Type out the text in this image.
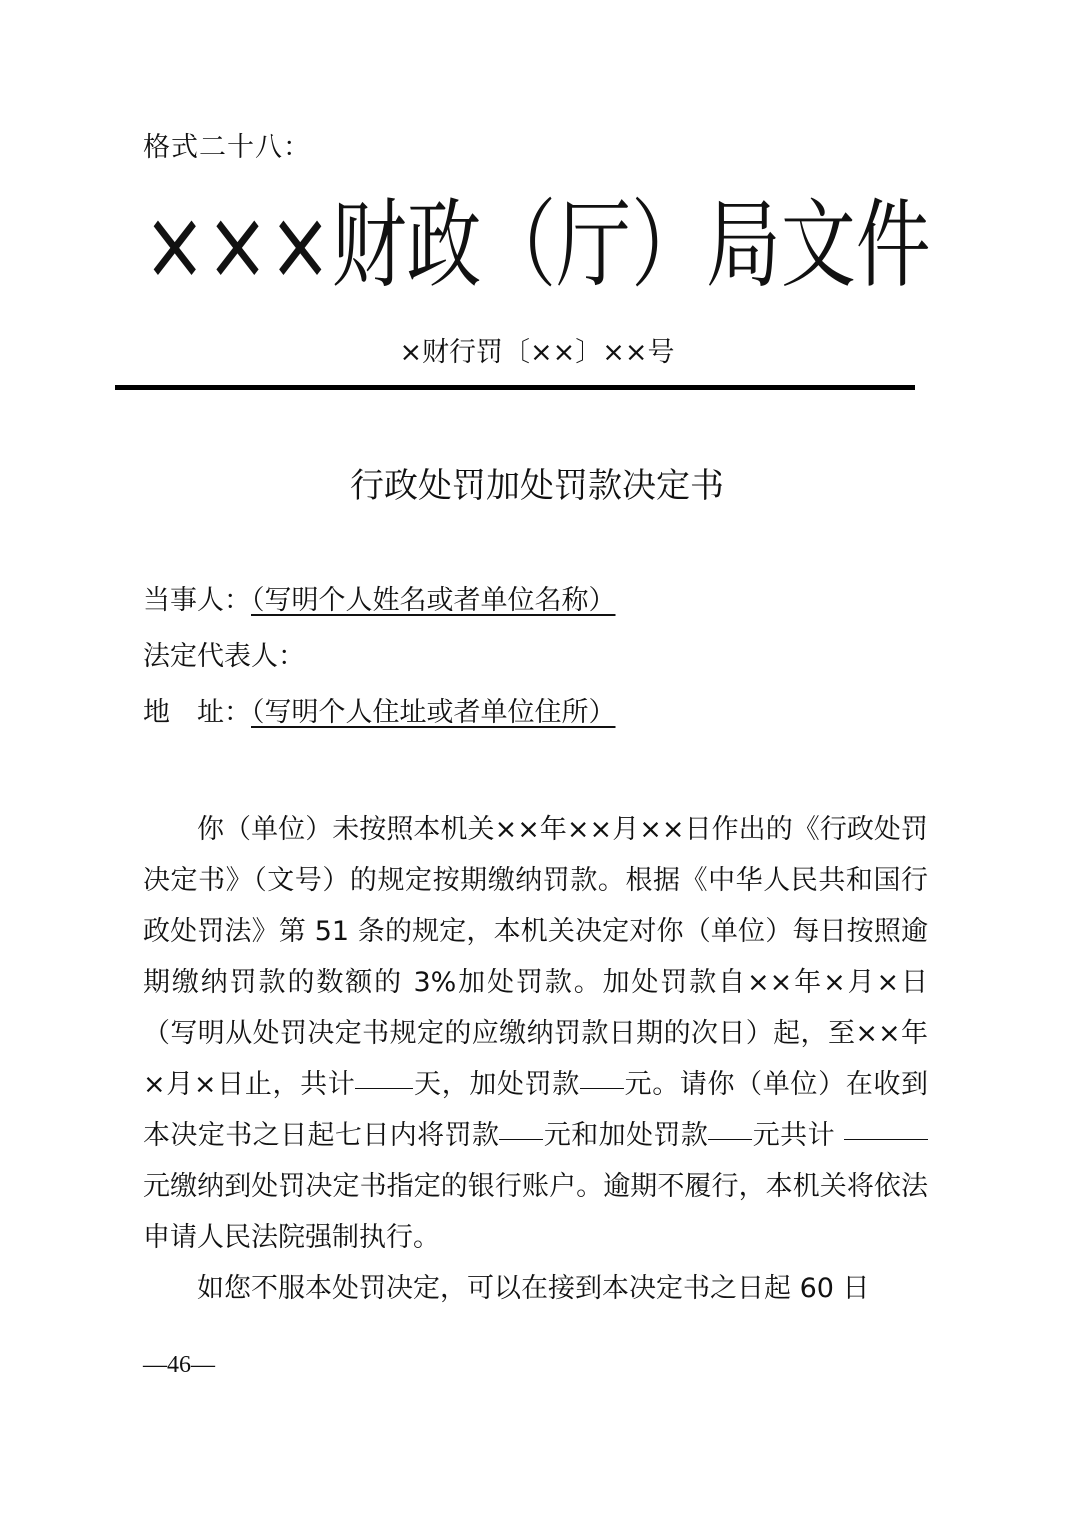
格式二十八：
×××财政（厅）局文件
×财行罚〔××〕××号
行政处罚加处罚款决定书
当事人：（写明个人姓名或者单位名称）
法定代表人：
地　址：（写明个人住址或者单位住所）

你（单位）未按照本机关××年××月××日作出的《行政处罚决定书》（文号）的规定按期缴纳罚款。根据《中华人民共和国行政处罚法》第 51 条的规定，本机关决定对你（单位）每日按照逾期缴纳罚款的数额的 3%加处罚款。加处罚款自××年×月×日（写明从处罚决定书规定的应缴纳罚款日期的次日）起，至××年×月×日止，共计 天，加处罚款 元。请你（单位）在收到本决定书之日起七日内将罚款 元和加处罚款 元共计 元缴纳到处罚决定书指定的银行账户。逾期不履行，本机关将依法申请人民法院强制执行。

如您不服本处罚决定，可以在接到本决定书之日起 60 日

—46—
